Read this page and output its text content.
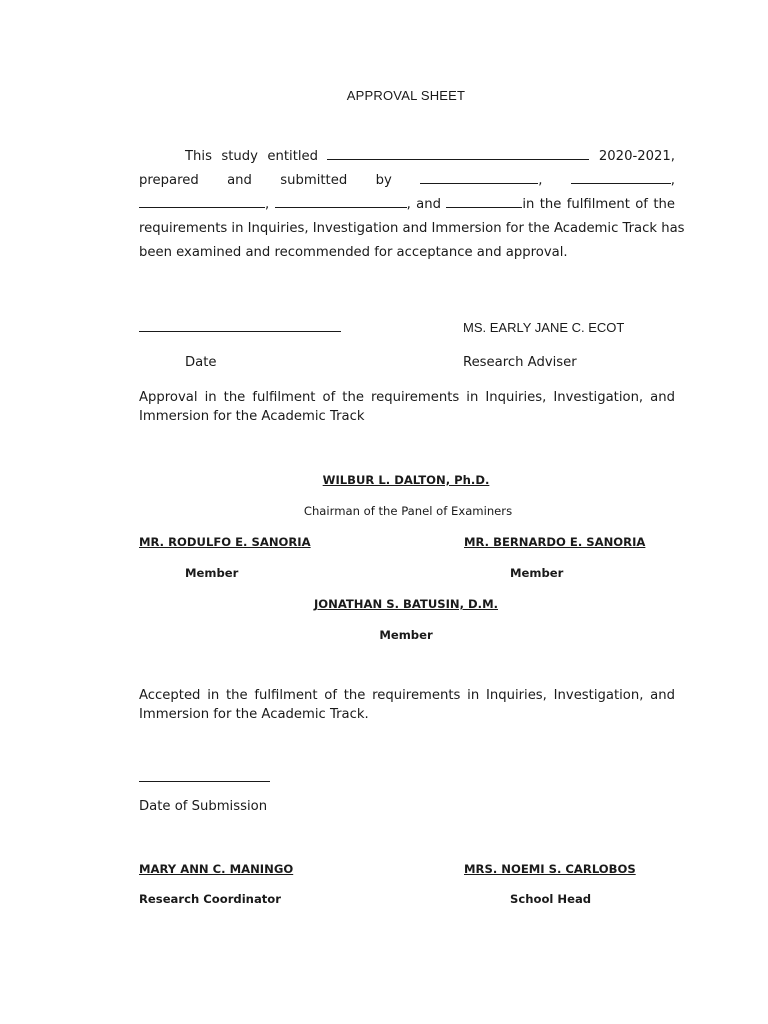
APPROVAL SHEET

This study entitled	2020-2021,
prepared and submitted by	,	,
,	, and	in the fulfilment of the
requirements in Inquiries, Investigation and Immersion for the Academic Track has
been examined and recommended for acceptance and approval.

MS. EARLY JANE C. ECOT

Date	Research Adviser

Approval in the fulfilment of the requirements in Inquiries, Investigation, and
Immersion for the Academic Track

WILBUR L. DALTON, Ph.D.

Chairman of the Panel of Examiners

MR. RODULFO E. SANORIA	MR. BERNARDO E. SANORIA

Member	Member

JONATHAN S. BATUSIN, D.M.

Member

Accepted in the fulfilment of the requirements in Inquiries, Investigation, and
Immersion for the Academic Track.

Date of Submission

MARY ANN C. MANINGO	MRS. NOEMI S. CARLOBOS

Research Coordinator	School Head
